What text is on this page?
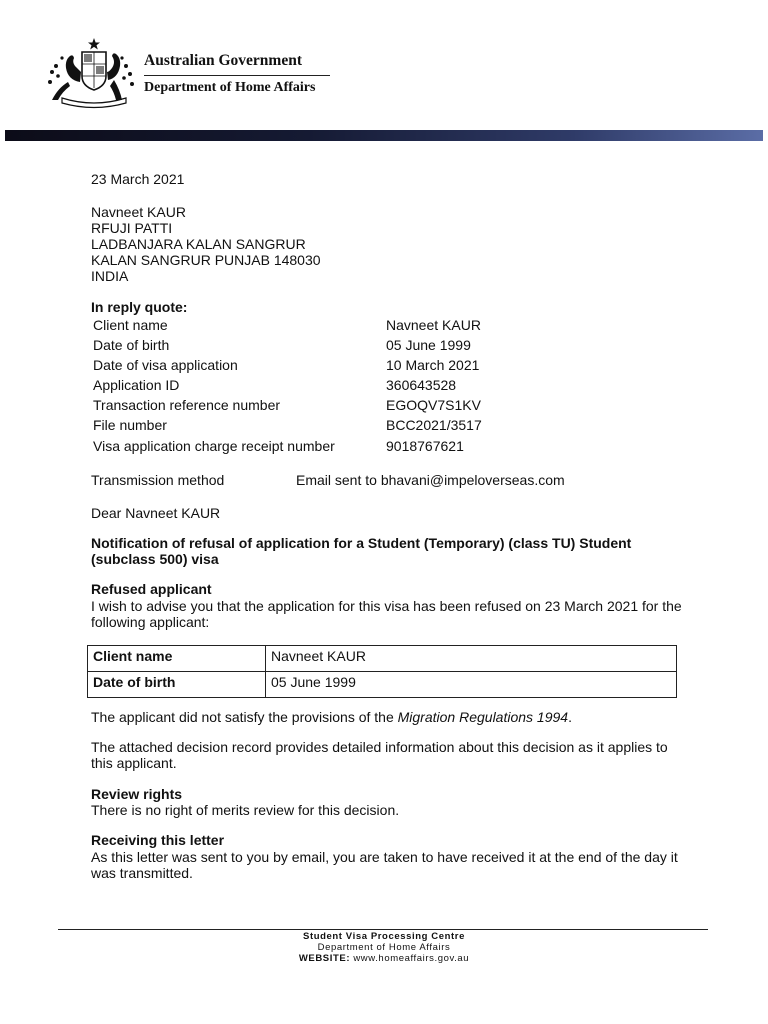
Australian Government
Department of Home Affairs
23 March 2021
Navneet KAUR
RFUJI PATTI
LADBANJARA KALAN SANGRUR
KALAN SANGRUR PUNJAB 148030
INDIA
In reply quote:
Client name	Navneet KAUR
Date of birth	05 June 1999
Date of visa application	10 March 2021
Application ID	360643528
Transaction reference number	EGOQV7S1KV
File number	BCC2021/3517
Visa application charge receipt number	9018767621
Transmission method	Email sent to bhavani@impeloverseas.com
Dear Navneet KAUR
Notification of refusal of application for a Student (Temporary) (class TU) Student (subclass 500) visa
Refused applicant
I wish to advise you that the application for this visa has been refused on 23 March 2021 for the following applicant:
Client name	Navneet KAUR
Date of birth	05 June 1999
The applicant did not satisfy the provisions of the Migration Regulations 1994.
The attached decision record provides detailed information about this decision as it applies to this applicant.
Review rights
There is no right of merits review for this decision.
Receiving this letter
As this letter was sent to you by email, you are taken to have received it at the end of the day it was transmitted.
Student Visa Processing Centre
Department of Home Affairs
WEBSITE: www.homeaffairs.gov.au
